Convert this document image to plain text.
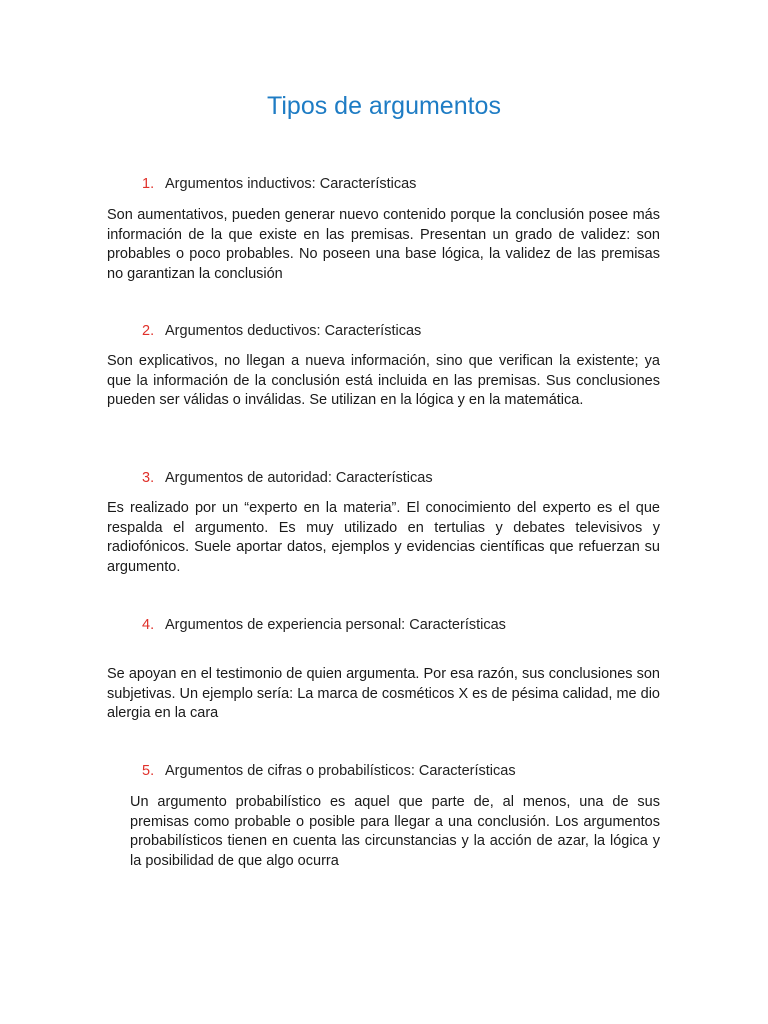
Tipos de argumentos
1. Argumentos inductivos: Características

Son aumentativos, pueden generar nuevo contenido porque la conclusión posee más información de la que existe en las premisas. Presentan un grado de validez: son probables o poco probables. No poseen una base lógica, la validez de las premisas no garantizan la conclusión

2. Argumentos deductivos: Características

Son explicativos, no llegan a nueva información, sino que verifican la existente; ya que la información de la conclusión está incluida en las premisas. Sus conclusiones pueden ser válidas o inválidas. Se utilizan en la lógica y en la matemática.

3. Argumentos de autoridad: Características

Es realizado por un “experto en la materia”. El conocimiento del experto es el que respalda el argumento. Es muy utilizado en tertulias y debates televisivos y radiofónicos. Suele aportar datos, ejemplos y evidencias científicas que refuerzan su argumento.

4. Argumentos de experiencia personal: Características

Se apoyan en el testimonio de quien argumenta. Por esa razón, sus conclusiones son subjetivas. Un ejemplo sería: La marca de cosméticos X es de pésima calidad, me dio alergia en la cara

5. Argumentos de cifras o probabilísticos: Características

Un argumento probabilístico es aquel que parte de, al menos, una de sus premisas como probable o posible para llegar a una conclusión. Los argumentos probabilísticos tienen en cuenta las circunstancias y la acción de azar, la lógica y la posibilidad de que algo ocurra
